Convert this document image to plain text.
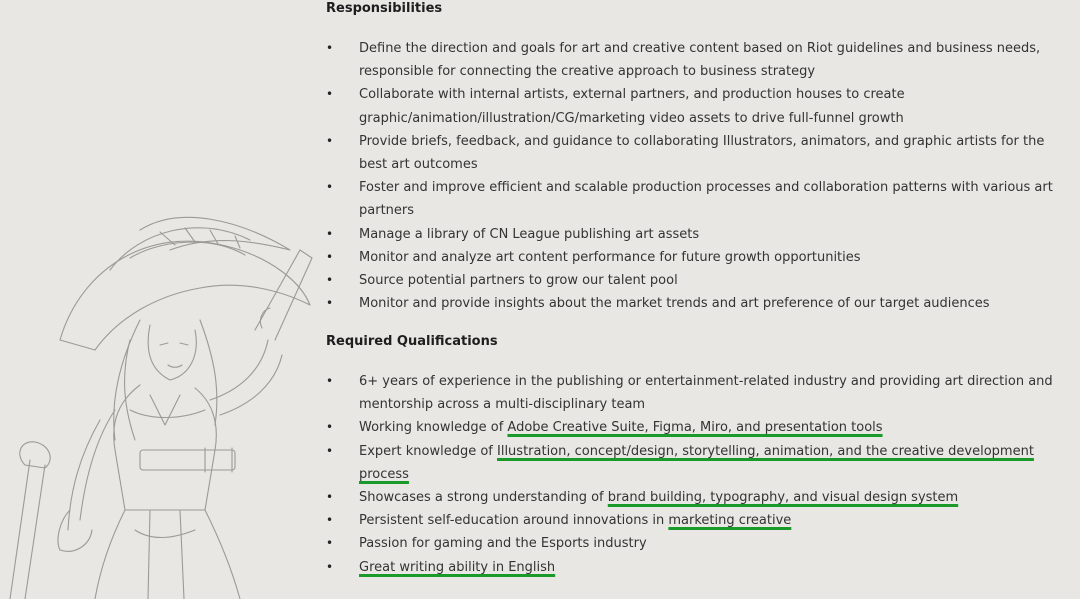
Responsibilities
• Define the direction and goals for art and creative content based on Riot guidelines and business needs, responsible for connecting the creative approach to business strategy
• Collaborate with internal artists, external partners, and production houses to create graphic/animation/illustration/CG/marketing video assets to drive full-funnel growth
• Provide briefs, feedback, and guidance to collaborating Illustrators, animators, and graphic artists for the best art outcomes
• Foster and improve efficient and scalable production processes and collaboration patterns with various art partners
• Manage a library of CN League publishing art assets
• Monitor and analyze art content performance for future growth opportunities
• Source potential partners to grow our talent pool
• Monitor and provide insights about the market trends and art preference of our target audiences
Required Qualifications
• 6+ years of experience in the publishing or entertainment-related industry and providing art direction and mentorship across a multi-disciplinary team
• Working knowledge of Adobe Creative Suite, Figma, Miro, and presentation tools
• Expert knowledge of Illustration, concept/design, storytelling, animation, and the creative development process
• Showcases a strong understanding of brand building, typography, and visual design system
• Persistent self-education around innovations in marketing creative
• Passion for gaming and the Esports industry
• Great writing ability in English
